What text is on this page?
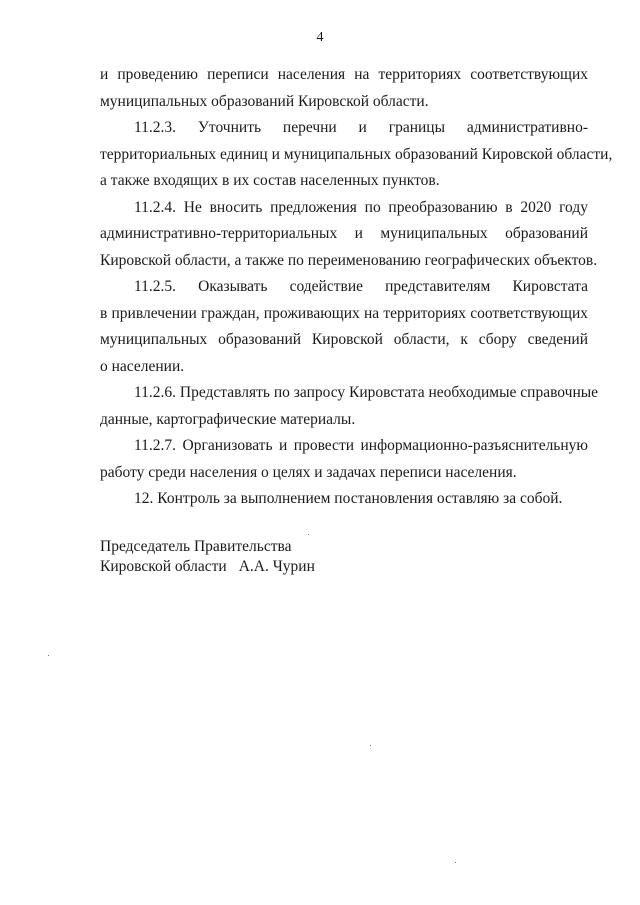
4

и проведению переписи населения на территориях соответствующих
муниципальных образований Кировской области.

11.2.3. Уточнить перечни и границы административно-
территориальных единиц и муниципальных образований Кировской области,
а также входящих в их состав населенных пунктов.

11.2.4. Не вносить предложения по преобразованию в 2020 году
административно-территориальных и муниципальных образований
Кировской области, а также по переименованию географических объектов.

11.2.5. Оказывать содействие представителям Кировстата
в привлечении граждан, проживающих на территориях соответствующих
муниципальных образований Кировской области, к сбору сведений
о населении.

11.2.6. Представлять по запросу Кировстата необходимые справочные
данные, картографические материалы.

11.2.7. Организовать и провести информационно-разъяснительную
работу среди населения о целях и задачах переписи населения.

12. Контроль за выполнением постановления оставляю за собой.

Председатель Правительства
Кировской области А.А. Чурин
